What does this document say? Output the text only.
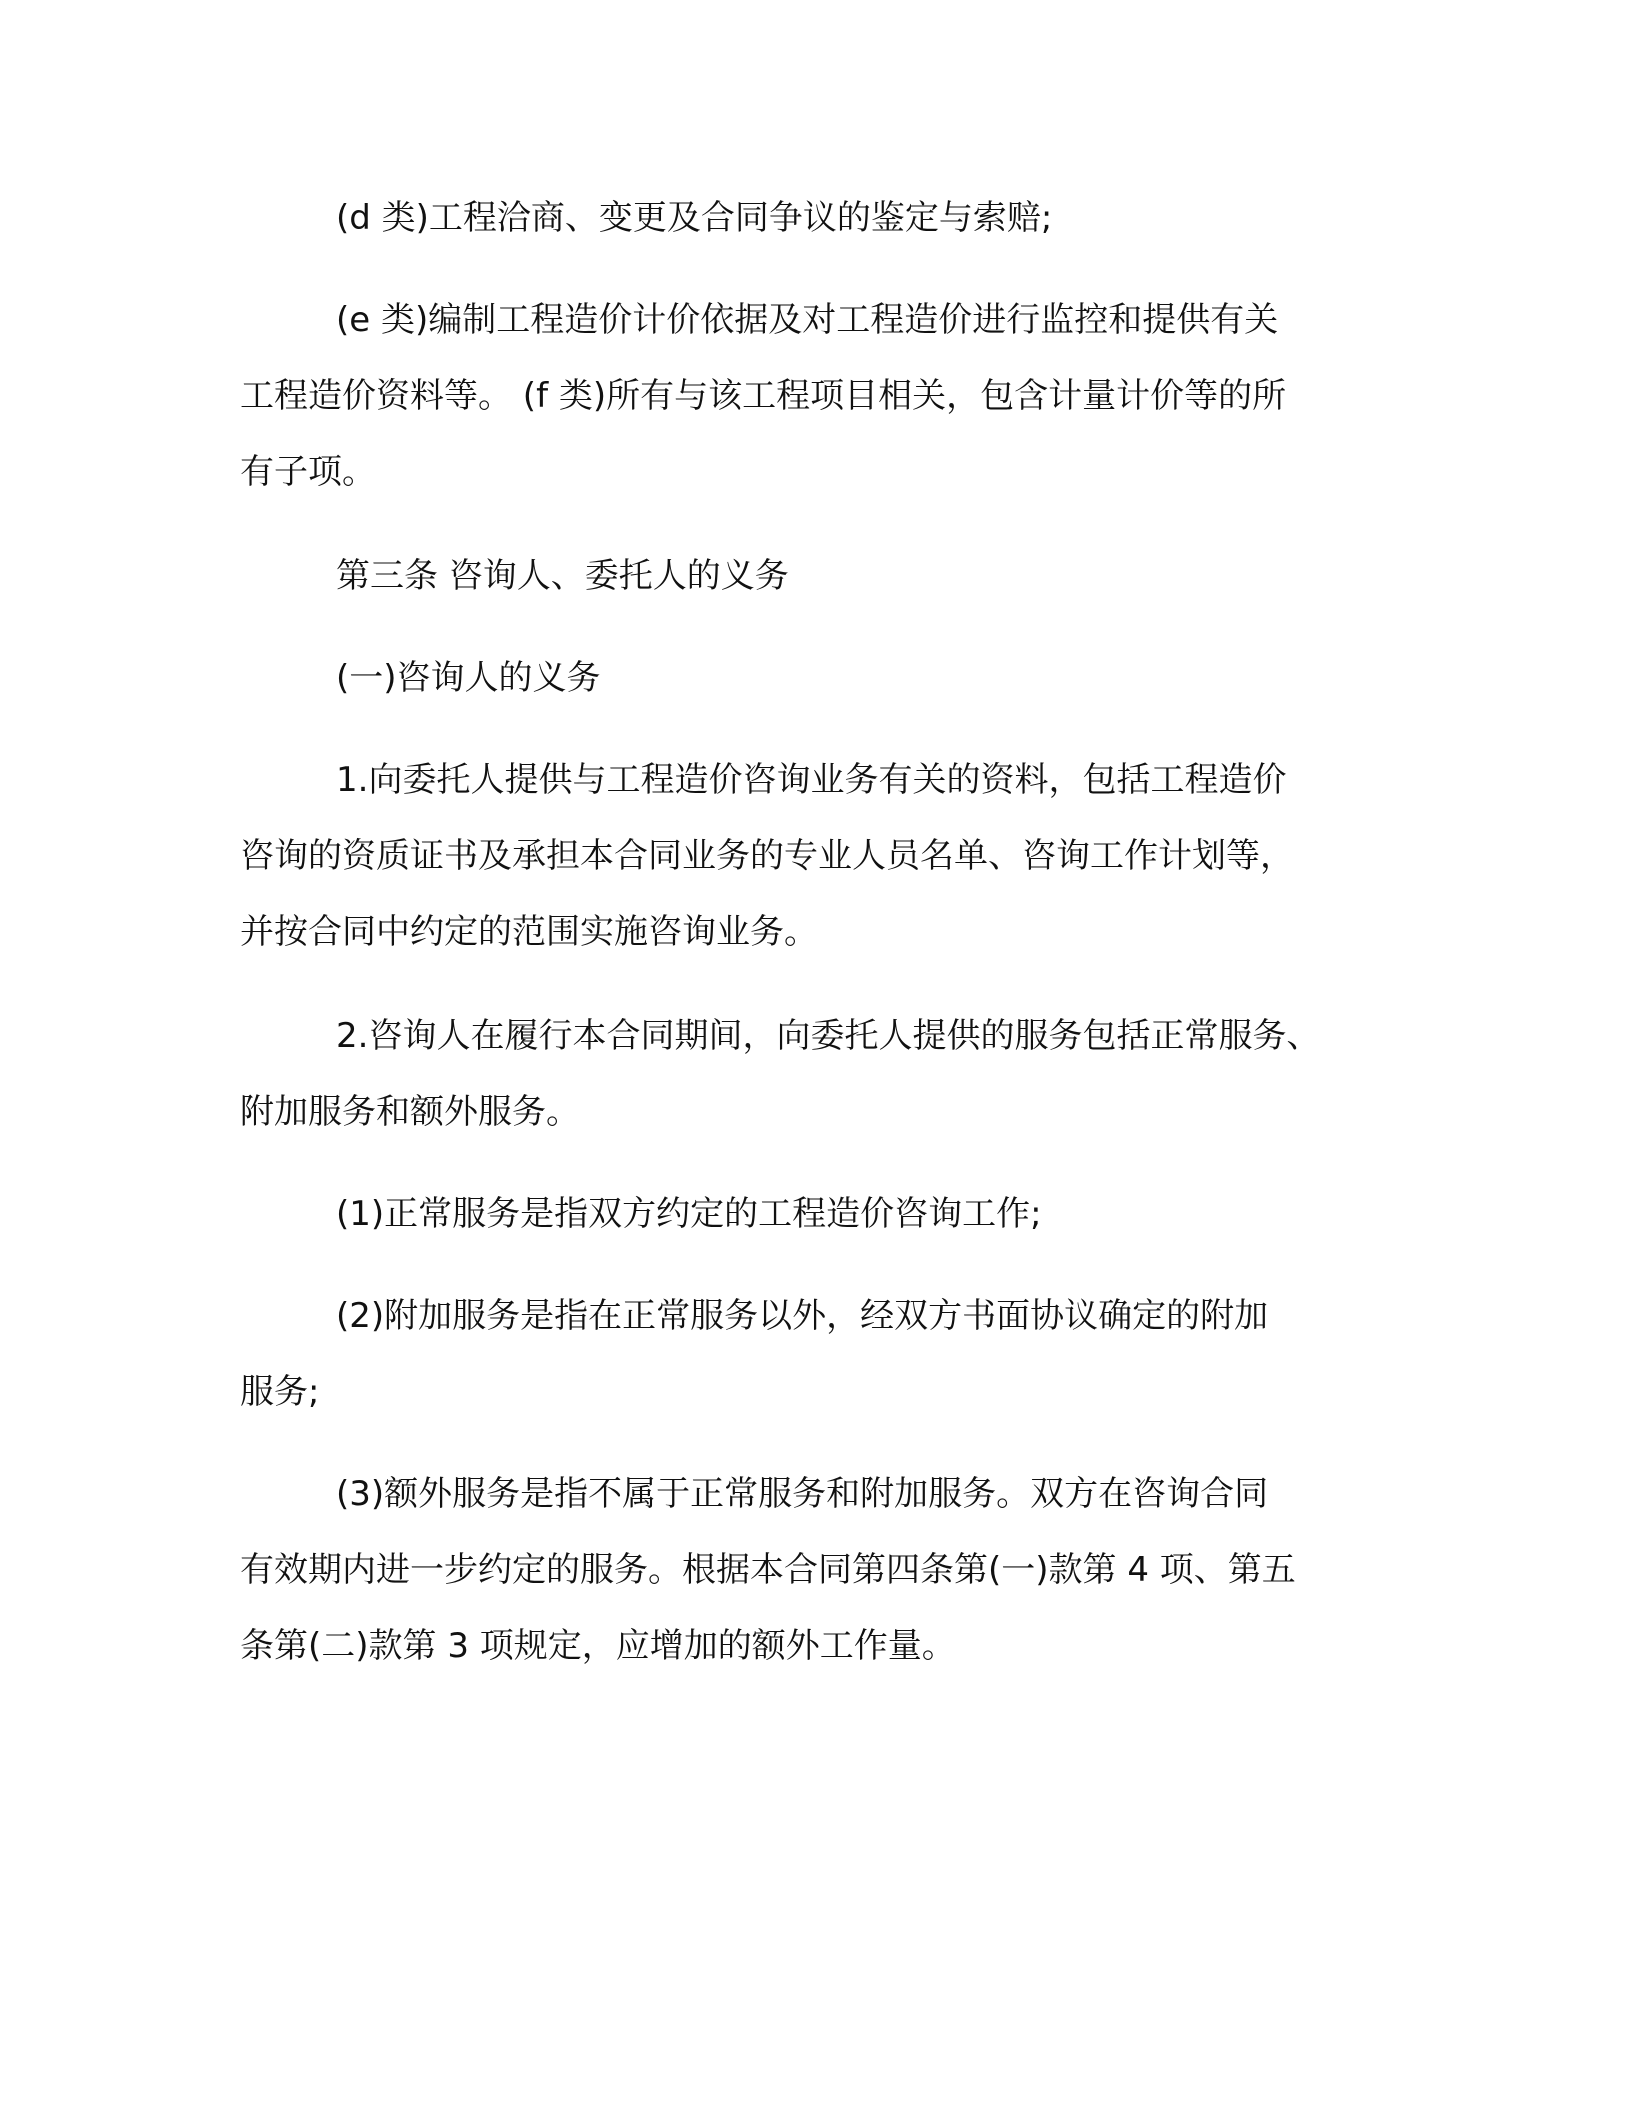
(d 类)工程洽商、变更及合同争议的鉴定与索赔;

(e 类)编制工程造价计价依据及对工程造价进行监控和提供有关
工程造价资料等。 (f 类)所有与该工程项目相关，包含计量计价等的所
有子项。

第三条 咨询人、委托人的义务

(一)咨询人的义务

1.向委托人提供与工程造价咨询业务有关的资料，包括工程造价
咨询的资质证书及承担本合同业务的专业人员名单、咨询工作计划等，
并按合同中约定的范围实施咨询业务。

2.咨询人在履行本合同期间，向委托人提供的服务包括正常服务、
附加服务和额外服务。

(1)正常服务是指双方约定的工程造价咨询工作;

(2)附加服务是指在正常服务以外，经双方书面协议确定的附加
服务;

(3)额外服务是指不属于正常服务和附加服务。双方在咨询合同
有效期内进一步约定的服务。根据本合同第四条第(一)款第 4 项、第五
条第(二)款第 3 项规定，应增加的额外工作量。
